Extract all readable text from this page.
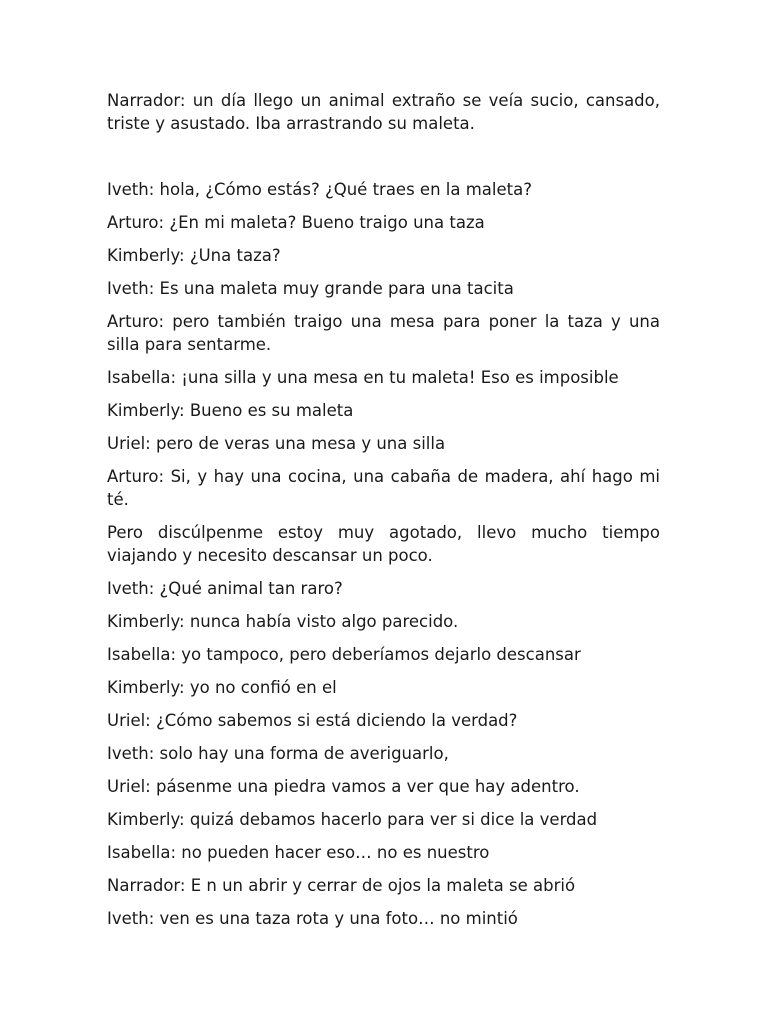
Narrador: un día llego un animal extraño se veía sucio, cansado, triste y asustado. Iba arrastrando su maleta.

Iveth: hola, ¿Cómo estás? ¿Qué traes en la maleta?

Arturo: ¿En mi maleta? Bueno traigo una taza

Kimberly: ¿Una taza?

Iveth: Es una maleta muy grande para una tacita

Arturo: pero también traigo una mesa para poner la taza y una silla para sentarme.

Isabella: ¡una silla y una mesa en tu maleta! Eso es imposible

Kimberly: Bueno es su maleta

Uriel: pero de veras una mesa y una silla

Arturo: Si, y hay una cocina, una cabaña de madera, ahí hago mi té.

Pero discúlpenme estoy muy agotado, llevo mucho tiempo viajando y necesito descansar un poco.

Iveth: ¿Qué animal tan raro?

Kimberly: nunca había visto algo parecido.

Isabella: yo tampoco, pero deberíamos dejarlo descansar

Kimberly: yo no confió en el

Uriel: ¿Cómo sabemos si está diciendo la verdad?

Iveth: solo hay una forma de averiguarlo,

Uriel: pásenme una piedra vamos a ver que hay adentro.

Kimberly: quizá debamos hacerlo para ver si dice la verdad

Isabella: no pueden hacer eso… no es nuestro

Narrador: E n un abrir y cerrar de ojos la maleta se abrió

Iveth: ven es una taza rota y una foto… no mintió
